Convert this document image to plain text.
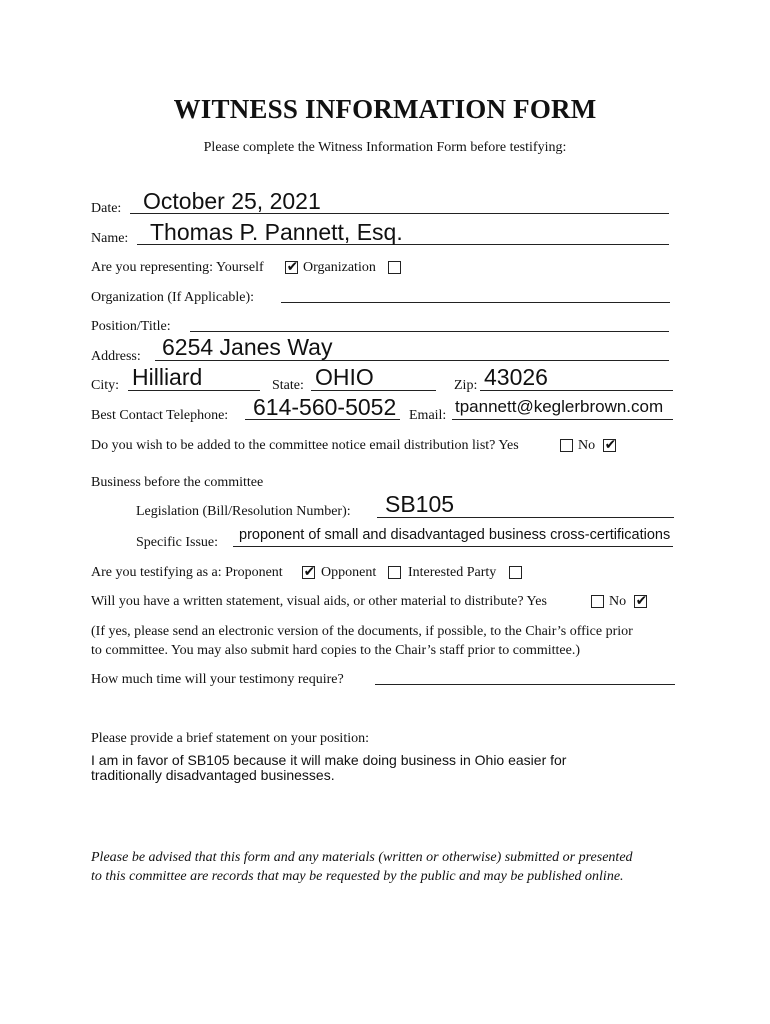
WITNESS INFORMATION FORM
Please complete the Witness Information Form before testifying:
Date: October 25, 2021
Name: Thomas P. Pannett, Esq.
Are you representing: Yourself ✔ Organization
Organization (If Applicable):
Position/Title:
Address: 6254 Janes Way
City: Hilliard	State: OHIO	Zip: 43026
Best Contact Telephone: 614-560-5052 Email: tpannett@keglerbrown.com
Do you wish to be added to the committee notice email distribution list? Yes	No ✔
Business before the committee
Legislation (Bill/Resolution Number): SB105
Specific Issue: proponent of small and disadvantaged business cross-certifications
Are you testifying as a: Proponent ✔ Opponent Interested Party
Will you have a written statement, visual aids, or other material to distribute? Yes	No ✔
(If yes, please send an electronic version of the documents, if possible, to the Chair’s office prior
to committee. You may also submit hard copies to the Chair’s staff prior to committee.)
How much time will your testimony require?
Please provide a brief statement on your position:
I am in favor of SB105 because it will make doing business in Ohio easier for
traditionally disadvantaged businesses.
Please be advised that this form and any materials (written or otherwise) submitted or presented
to this committee are records that may be requested by the public and may be published online.
